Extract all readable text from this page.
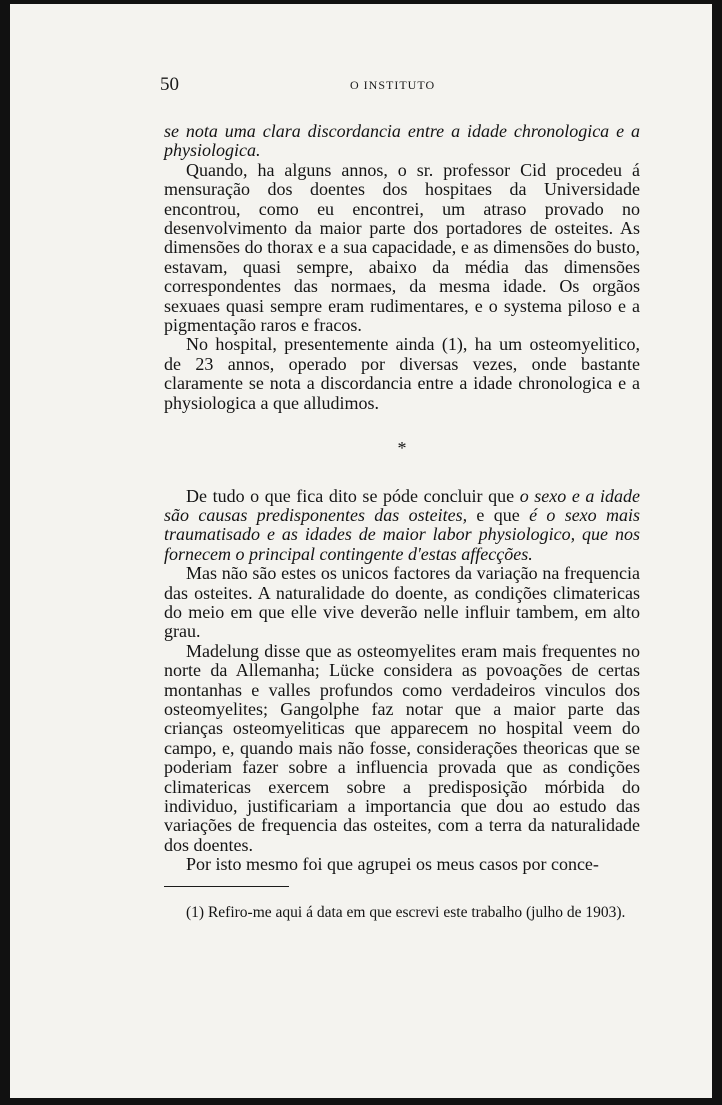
50	O INSTITUTO

se nota uma clara discordancia entre a idade chronologica e a physiologica.

Quando, ha alguns annos, o sr. professor Cid procedeu á mensuração dos doentes dos hospitaes da Universidade encontrou, como eu encontrei, um atraso provado no desenvolvimento da maior parte dos portadores de osteites. As dimensões do thorax e a sua capacidade, e as dimensões do busto, estavam, quasi sempre, abaixo da média das dimensões correspondentes das normaes, da mesma idade. Os orgãos sexuaes quasi sempre eram rudimentares, e o systema piloso e a pigmentação raros e fracos.

No hospital, presentemente ainda (1), ha um osteomyelitico, de 23 annos, operado por diversas vezes, onde bastante claramente se nota a discordancia entre a idade chronologica e a physiologica a que alludimos.

*

De tudo o que fica dito se póde concluir que o sexo e a idade são causas predisponentes das osteites, e que é o sexo mais traumatisado e as idades de maior labor physiologico, que nos fornecem o principal contingente d'estas affecções.

Mas não são estes os unicos factores da variação na frequencia das osteites. A naturalidade do doente, as condições climatericas do meio em que elle vive deverão nelle influir tambem, em alto grau.

Madelung disse que as osteomyelites eram mais frequentes no norte da Allemanha; Lücke considera as povoações de certas montanhas e valles profundos como verdadeiros vinculos dos osteomyelites; Gangolphe faz notar que a maior parte das crianças osteomyeliticas que apparecem no hospital veem do campo, e, quando mais não fosse, considerações theoricas que se poderiam fazer sobre a influencia provada que as condições climatericas exercem sobre a predisposição mórbida do individuo, justificariam a importancia que dou ao estudo das variações de frequencia das osteites, com a terra da naturalidade dos doentes.

Por isto mesmo foi que agrupei os meus casos por conce-

(1) Refiro-me aqui á data em que escrevi este trabalho (julho de 1903).
